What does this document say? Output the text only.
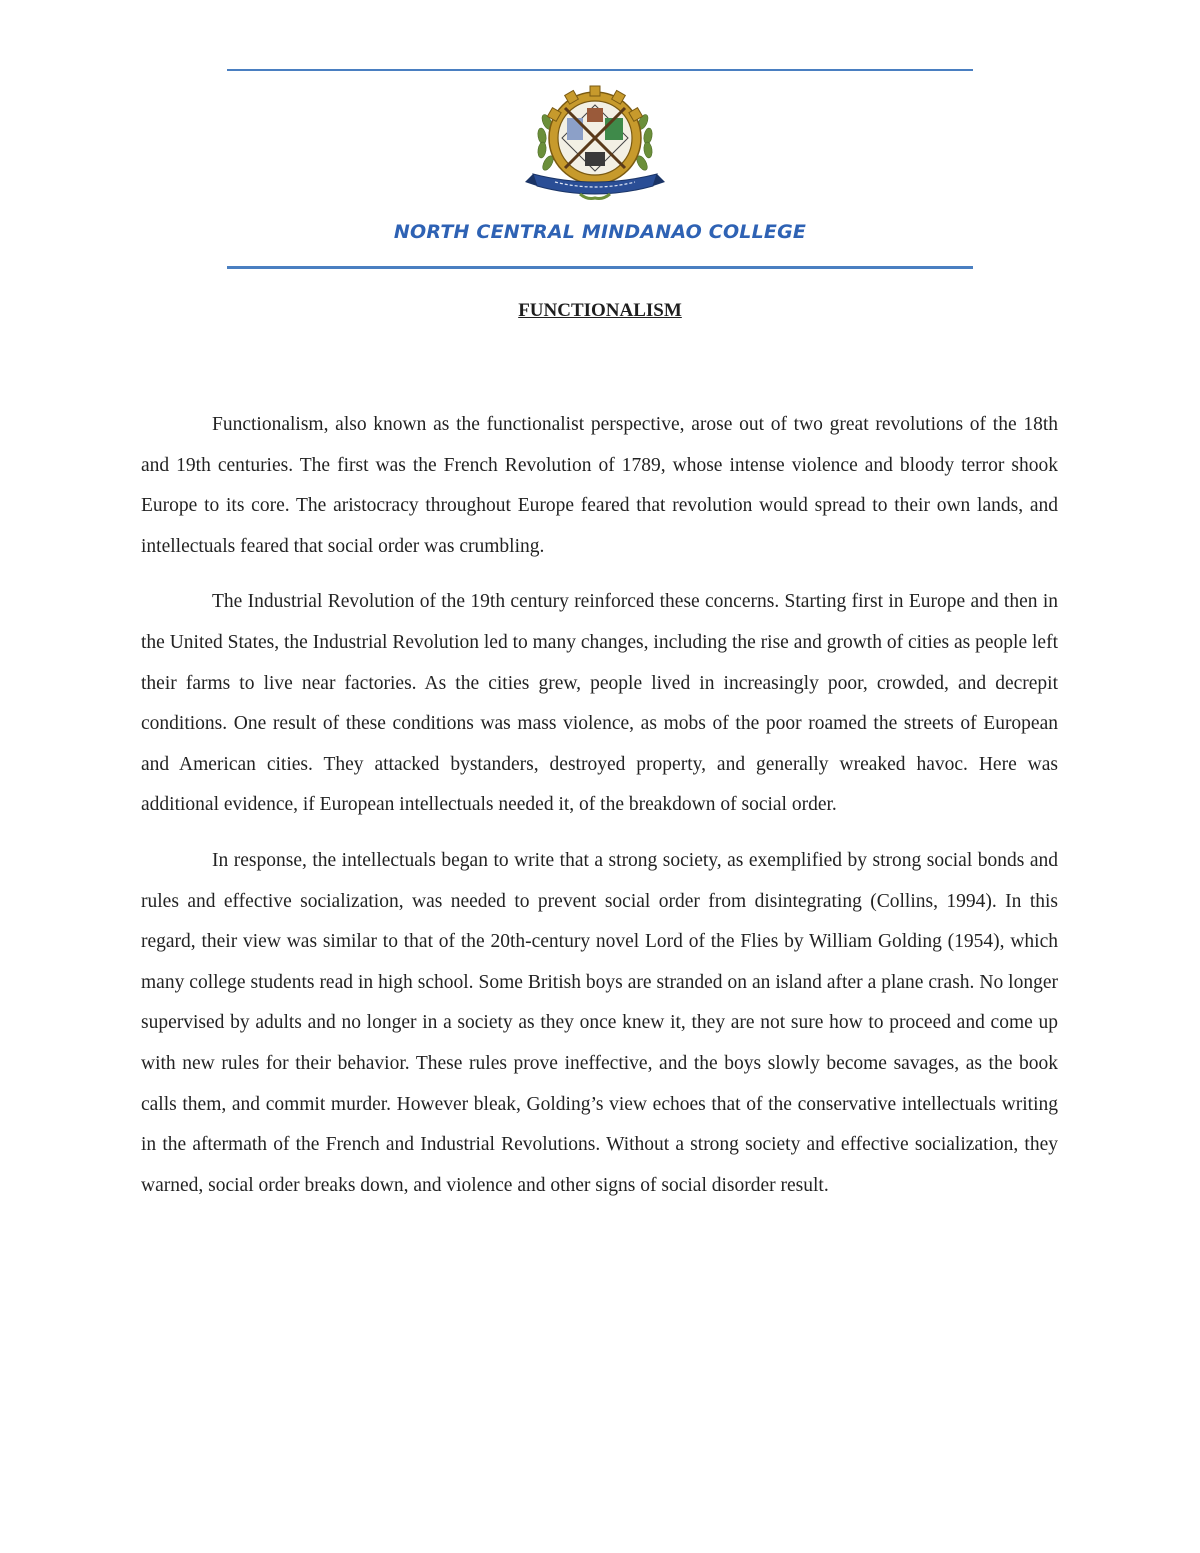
NORTH CENTRAL MINDANAO COLLEGE
FUNCTIONALISM

Functionalism, also known as the functionalist perspective, arose out of two great revolutions of the 18th and 19th centuries. The first was the French Revolution of 1789, whose intense violence and bloody terror shook Europe to its core. The aristocracy throughout Europe feared that revolution would spread to their own lands, and intellectuals feared that social order was crumbling.

The Industrial Revolution of the 19th century reinforced these concerns. Starting first in Europe and then in the United States, the Industrial Revolution led to many changes, including the rise and growth of cities as people left their farms to live near factories. As the cities grew, people lived in increasingly poor, crowded, and decrepit conditions. One result of these conditions was mass violence, as mobs of the poor roamed the streets of European and American cities. They attacked bystanders, destroyed property, and generally wreaked havoc. Here was additional evidence, if European intellectuals needed it, of the breakdown of social order.

In response, the intellectuals began to write that a strong society, as exemplified by strong social bonds and rules and effective socialization, was needed to prevent social order from disintegrating (Collins, 1994). In this regard, their view was similar to that of the 20th-century novel Lord of the Flies by William Golding (1954), which many college students read in high school. Some British boys are stranded on an island after a plane crash. No longer supervised by adults and no longer in a society as they once knew it, they are not sure how to proceed and come up with new rules for their behavior. These rules prove ineffective, and the boys slowly become savages, as the book calls them, and commit murder. However bleak, Golding’s view echoes that of the conservative intellectuals writing in the aftermath of the French and Industrial Revolutions. Without a strong society and effective socialization, they warned, social order breaks down, and violence and other signs of social disorder result.
